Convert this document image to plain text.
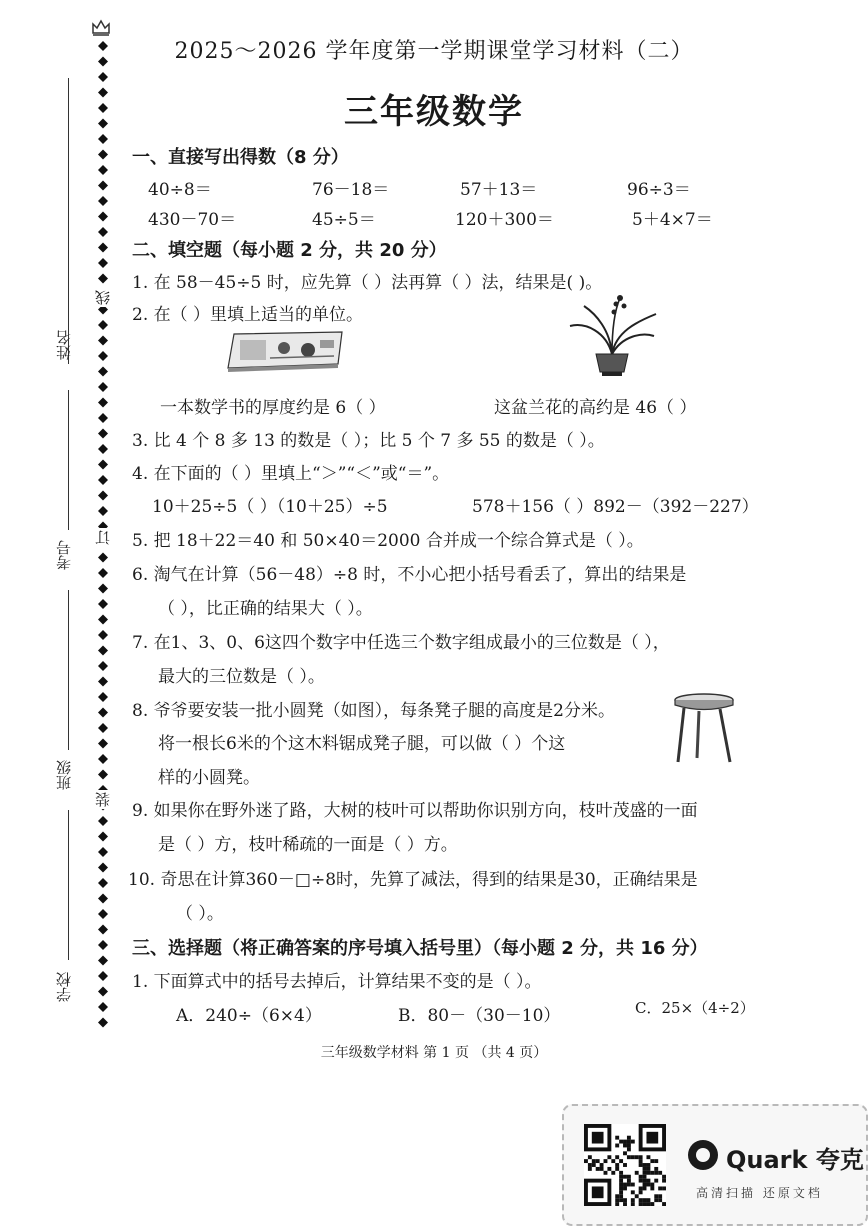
姓名
考号
班级
学校
线
订
装
2025～2026 学年度第一学期课堂学习材料（二）
三年级数学
一、直接写出得数（8 分）
40÷8＝	76－18＝	57＋13＝	96÷3＝
430－70＝	45÷5＝	120＋300＝	5＋4×7＝
二、填空题（每小题 2 分，共 20 分）
1. 在 58－45÷5 时，应先算（ ）法再算（ ）法，结果是( )。
2. 在（ ）里填上适当的单位。
一本数学书的厚度约是 6（ ）	这盆兰花的高约是 46（ ）
3. 比 4 个 8 多 13 的数是（ ）；比 5 个 7 多 55 的数是（ ）。
4. 在下面的（ ）里填上“＞”“＜”或“＝”。
10＋25÷5（ ）（10＋25）÷5	578＋156（ ）892－（392－227）
5. 把 18＋22＝40 和 50×40＝2000 合并成一个综合算式是（ ）。
6. 淘气在计算（56－48）÷8 时，不小心把小括号看丢了，算出的结果是
（ ），比正确的结果大（ ）。
7. 在1、3、0、6这四个数字中任选三个数字组成最小的三位数是（ ），
最大的三位数是（ ）。
8. 爷爷要安装一批小圆凳（如图），每条凳子腿的高度是2分米。
将一根长6米的个这木料锯成凳子腿，可以做（ ）个这
样的小圆凳。
9. 如果你在野外迷了路，大树的枝叶可以帮助你识别方向，枝叶茂盛的一面
是（ ）方，枝叶稀疏的一面是（ ）方。
10. 奇思在计算360－□÷8时，先算了减法，得到的结果是30，正确结果是
（ ）。
三、选择题（将正确答案的序号填入括号里）（每小题 2 分，共 16 分）
1. 下面算式中的括号去掉后，计算结果不变的是（ ）。
A．240÷（6×4）	B．80－（30－10）	C．25×（4÷2）
三年级数学材料 第 1 页 （共 4 页）
Quark 夸克
高清扫描 还原文档
